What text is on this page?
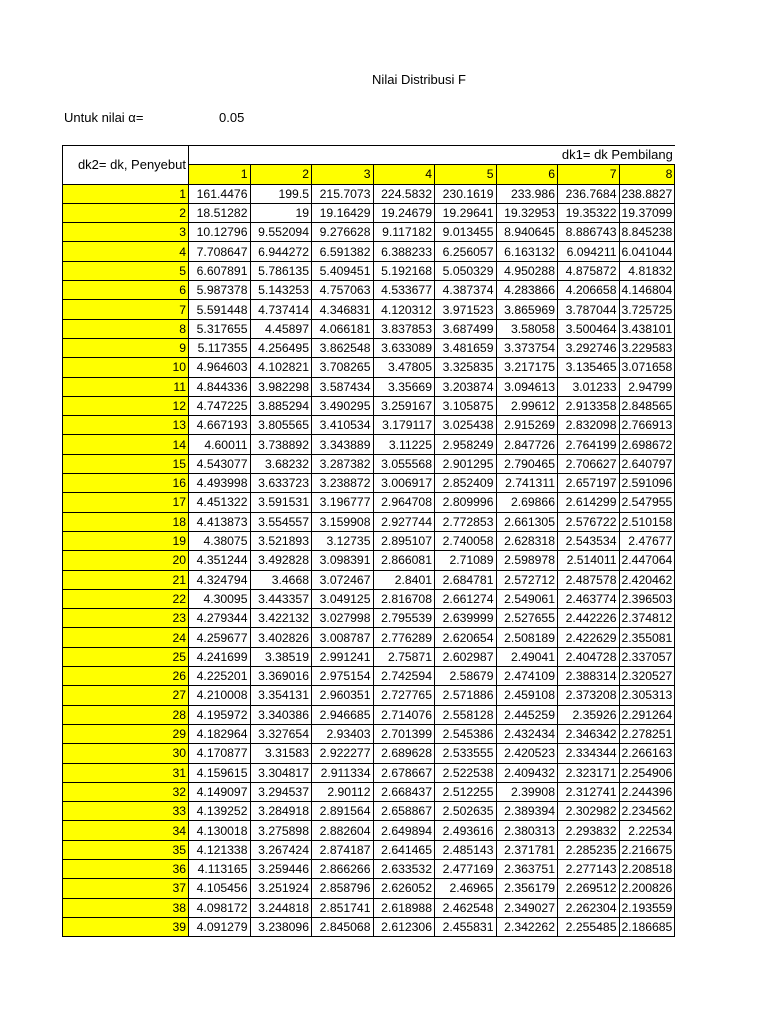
Nilai Distribusi F
Untuk nilai α=	0.05
dk2= dk, Penyebut	dk1= dk Pembilang							
	1	2	3	4	5	6	7	8
1	161.4476	199.5	215.7073	224.5832	230.1619	233.986	236.7684	238.8827
2	18.51282	19	19.16429	19.24679	19.29641	19.32953	19.35322	19.37099
3	10.12796	9.552094	9.276628	9.117182	9.013455	8.940645	8.886743	8.845238
4	7.708647	6.944272	6.591382	6.388233	6.256057	6.163132	6.094211	6.041044
5	6.607891	5.786135	5.409451	5.192168	5.050329	4.950288	4.875872	4.81832
6	5.987378	5.143253	4.757063	4.533677	4.387374	4.283866	4.206658	4.146804
7	5.591448	4.737414	4.346831	4.120312	3.971523	3.865969	3.787044	3.725725
8	5.317655	4.45897	4.066181	3.837853	3.687499	3.58058	3.500464	3.438101
9	5.117355	4.256495	3.862548	3.633089	3.481659	3.373754	3.292746	3.229583
10	4.964603	4.102821	3.708265	3.47805	3.325835	3.217175	3.135465	3.071658
11	4.844336	3.982298	3.587434	3.35669	3.203874	3.094613	3.01233	2.94799
12	4.747225	3.885294	3.490295	3.259167	3.105875	2.99612	2.913358	2.848565
13	4.667193	3.805565	3.410534	3.179117	3.025438	2.915269	2.832098	2.766913
14	4.60011	3.738892	3.343889	3.11225	2.958249	2.847726	2.764199	2.698672
15	4.543077	3.68232	3.287382	3.055568	2.901295	2.790465	2.706627	2.640797
16	4.493998	3.633723	3.238872	3.006917	2.852409	2.741311	2.657197	2.591096
17	4.451322	3.591531	3.196777	2.964708	2.809996	2.69866	2.614299	2.547955
18	4.413873	3.554557	3.159908	2.927744	2.772853	2.661305	2.576722	2.510158
19	4.38075	3.521893	3.12735	2.895107	2.740058	2.628318	2.543534	2.47677
20	4.351244	3.492828	3.098391	2.866081	2.71089	2.598978	2.514011	2.447064
21	4.324794	3.4668	3.072467	2.8401	2.684781	2.572712	2.487578	2.420462
22	4.30095	3.443357	3.049125	2.816708	2.661274	2.549061	2.463774	2.396503
23	4.279344	3.422132	3.027998	2.795539	2.639999	2.527655	2.442226	2.374812
24	4.259677	3.402826	3.008787	2.776289	2.620654	2.508189	2.422629	2.355081
25	4.241699	3.38519	2.991241	2.75871	2.602987	2.49041	2.404728	2.337057
26	4.225201	3.369016	2.975154	2.742594	2.58679	2.474109	2.388314	2.320527
27	4.210008	3.354131	2.960351	2.727765	2.571886	2.459108	2.373208	2.305313
28	4.195972	3.340386	2.946685	2.714076	2.558128	2.445259	2.35926	2.291264
29	4.182964	3.327654	2.93403	2.701399	2.545386	2.432434	2.346342	2.278251
30	4.170877	3.31583	2.922277	2.689628	2.533555	2.420523	2.334344	2.266163
31	4.159615	3.304817	2.911334	2.678667	2.522538	2.409432	2.323171	2.254906
32	4.149097	3.294537	2.90112	2.668437	2.512255	2.39908	2.312741	2.244396
33	4.139252	3.284918	2.891564	2.658867	2.502635	2.389394	2.302982	2.234562
34	4.130018	3.275898	2.882604	2.649894	2.493616	2.380313	2.293832	2.22534
35	4.121338	3.267424	2.874187	2.641465	2.485143	2.371781	2.285235	2.216675
36	4.113165	3.259446	2.866266	2.633532	2.477169	2.363751	2.277143	2.208518
37	4.105456	3.251924	2.858796	2.626052	2.46965	2.356179	2.269512	2.200826
38	4.098172	3.244818	2.851741	2.618988	2.462548	2.349027	2.262304	2.193559
39	4.091279	3.238096	2.845068	2.612306	2.455831	2.342262	2.255485	2.186685
